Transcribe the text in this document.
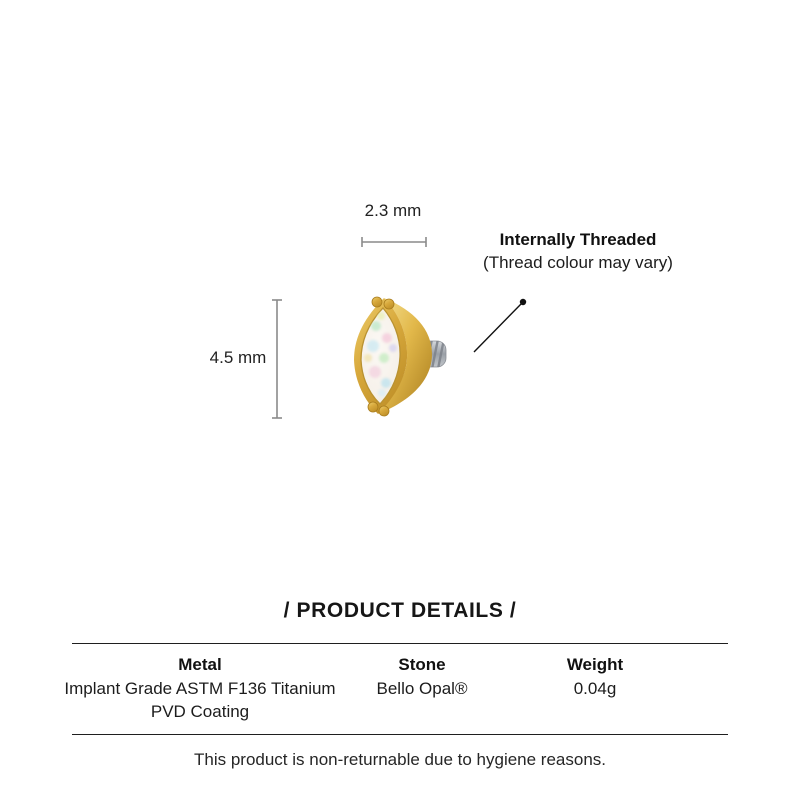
2.3 mm
4.5 mm
Internally Threaded
(Thread colour may vary)
/ PRODUCT DETAILS /
Metal
Implant Grade ASTM F136 Titanium
PVD Coating
Stone
Bello Opal®
Weight
0.04g
This product is non-returnable due to hygiene reasons.
